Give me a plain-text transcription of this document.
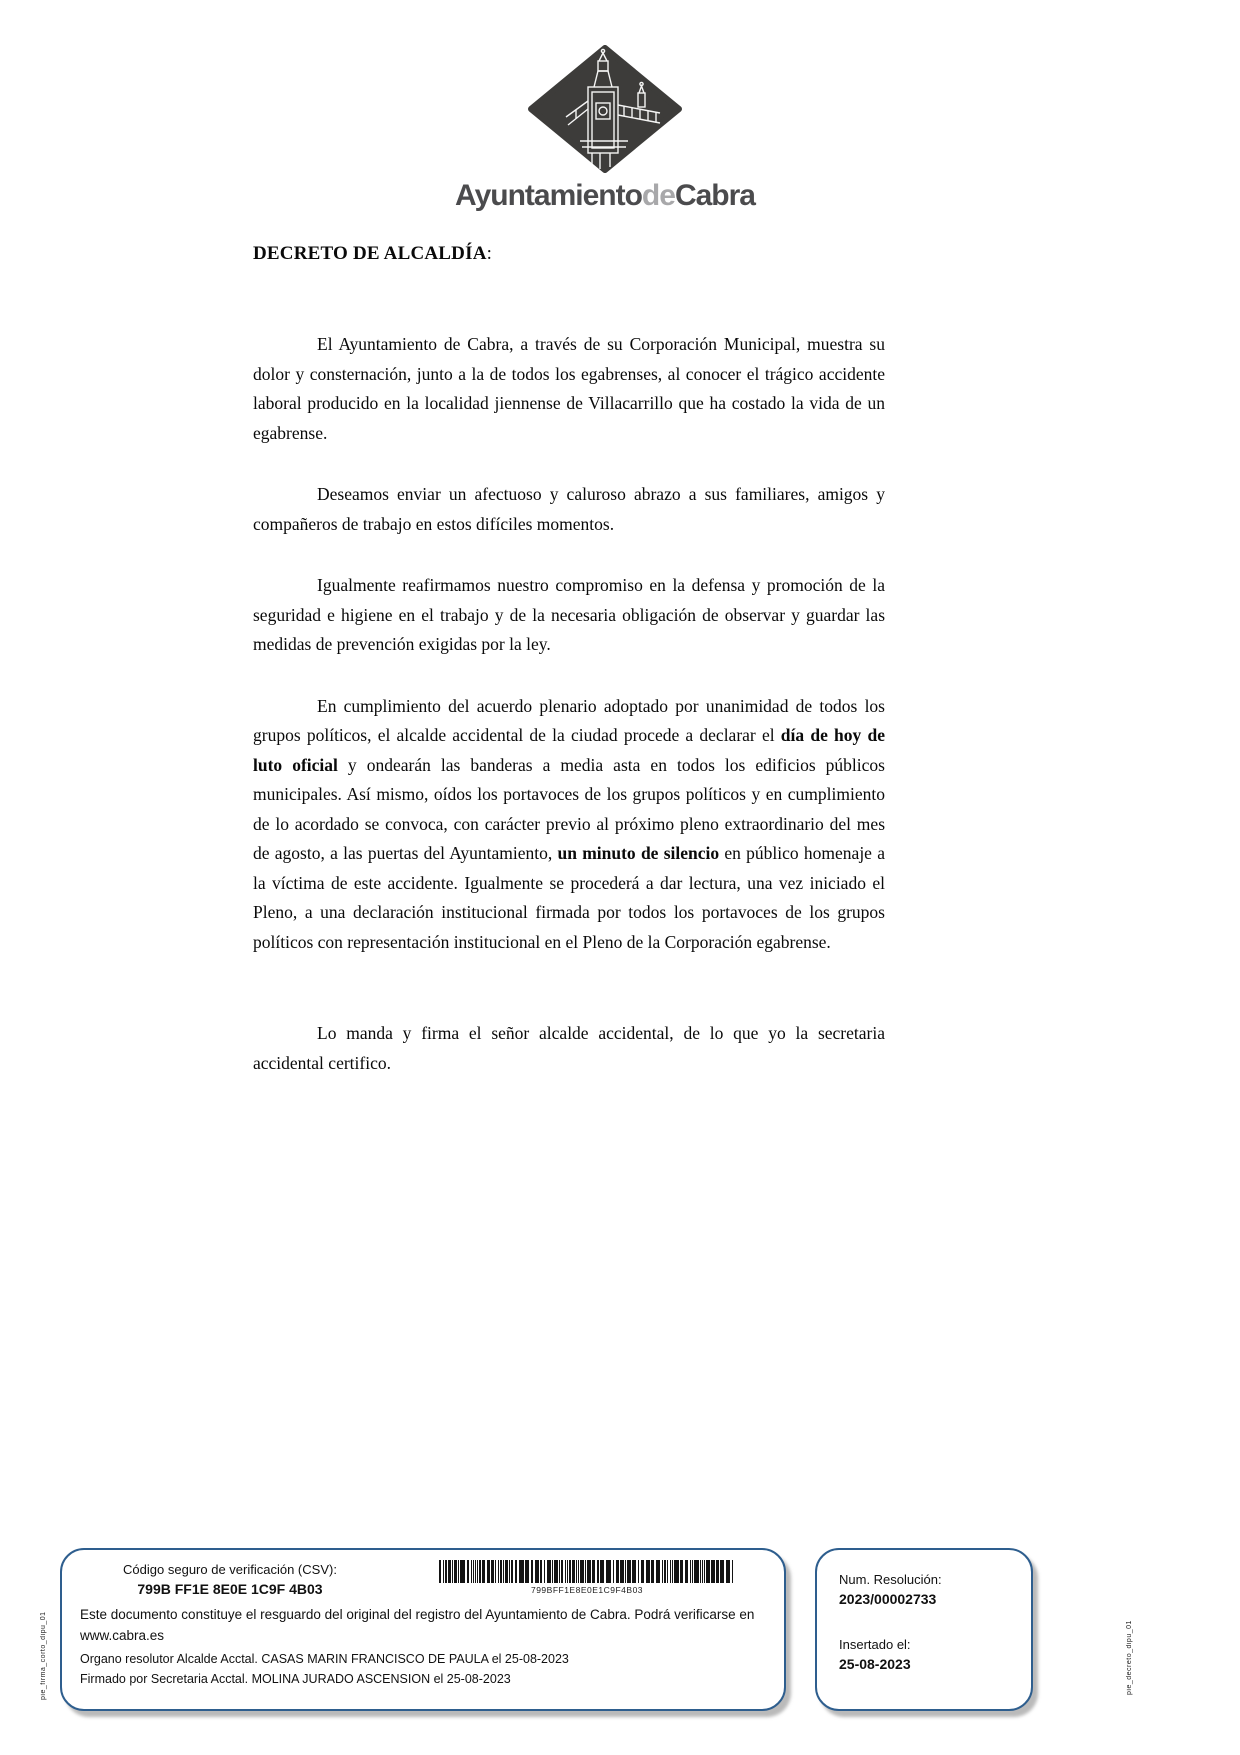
AyuntamientodeCabra
DECRETO DE ALCALDÍA:

El Ayuntamiento de Cabra, a través de su Corporación Municipal, muestra su dolor y consternación, junto a la de todos los egabrenses, al conocer el trágico accidente laboral producido en la localidad jiennense de Villacarrillo que ha costado la vida de un egabrense.

Deseamos enviar un afectuoso y caluroso abrazo a sus familiares, amigos y compañeros de trabajo en estos difíciles momentos.

Igualmente reafirmamos nuestro compromiso en la defensa y promoción de la seguridad e higiene en el trabajo y de la necesaria obligación de observar y guardar las medidas de prevención exigidas por la ley.

En cumplimiento del acuerdo plenario adoptado por unanimidad de todos los grupos políticos, el alcalde accidental de la ciudad procede a declarar el día de hoy de luto oficial y ondearán las banderas a media asta en todos los edificios públicos municipales. Así mismo, oídos los portavoces de los grupos políticos y en cumplimiento de lo acordado se convoca, con carácter previo al próximo pleno extraordinario del mes de agosto, a las puertas del Ayuntamiento, un minuto de silencio en público homenaje a la víctima de este accidente. Igualmente se procederá a dar lectura, una vez iniciado el Pleno, a una declaración institucional firmada por todos los portavoces de los grupos políticos con representación institucional en el Pleno de la Corporación egabrense.

Lo manda y firma el señor alcalde accidental, de lo que yo la secretaria accidental certifico.

Código seguro de verificación (CSV):
799B FF1E 8E0E 1C9F 4B03	799BFF1E8E0E1C9F4B03
Este documento constituye el resguardo del original del registro del Ayuntamiento de Cabra. Podrá verificarse en www.cabra.es
Organo resolutor Alcalde Acctal. CASAS MARIN FRANCISCO DE PAULA el 25-08-2023
Firmado por Secretaria Acctal. MOLINA JURADO ASCENSION el 25-08-2023
Num. Resolución:
2023/00002733
Insertado el:
25-08-2023
pie_firma_corto_dipu_01	pie_decreto_dipu_01
